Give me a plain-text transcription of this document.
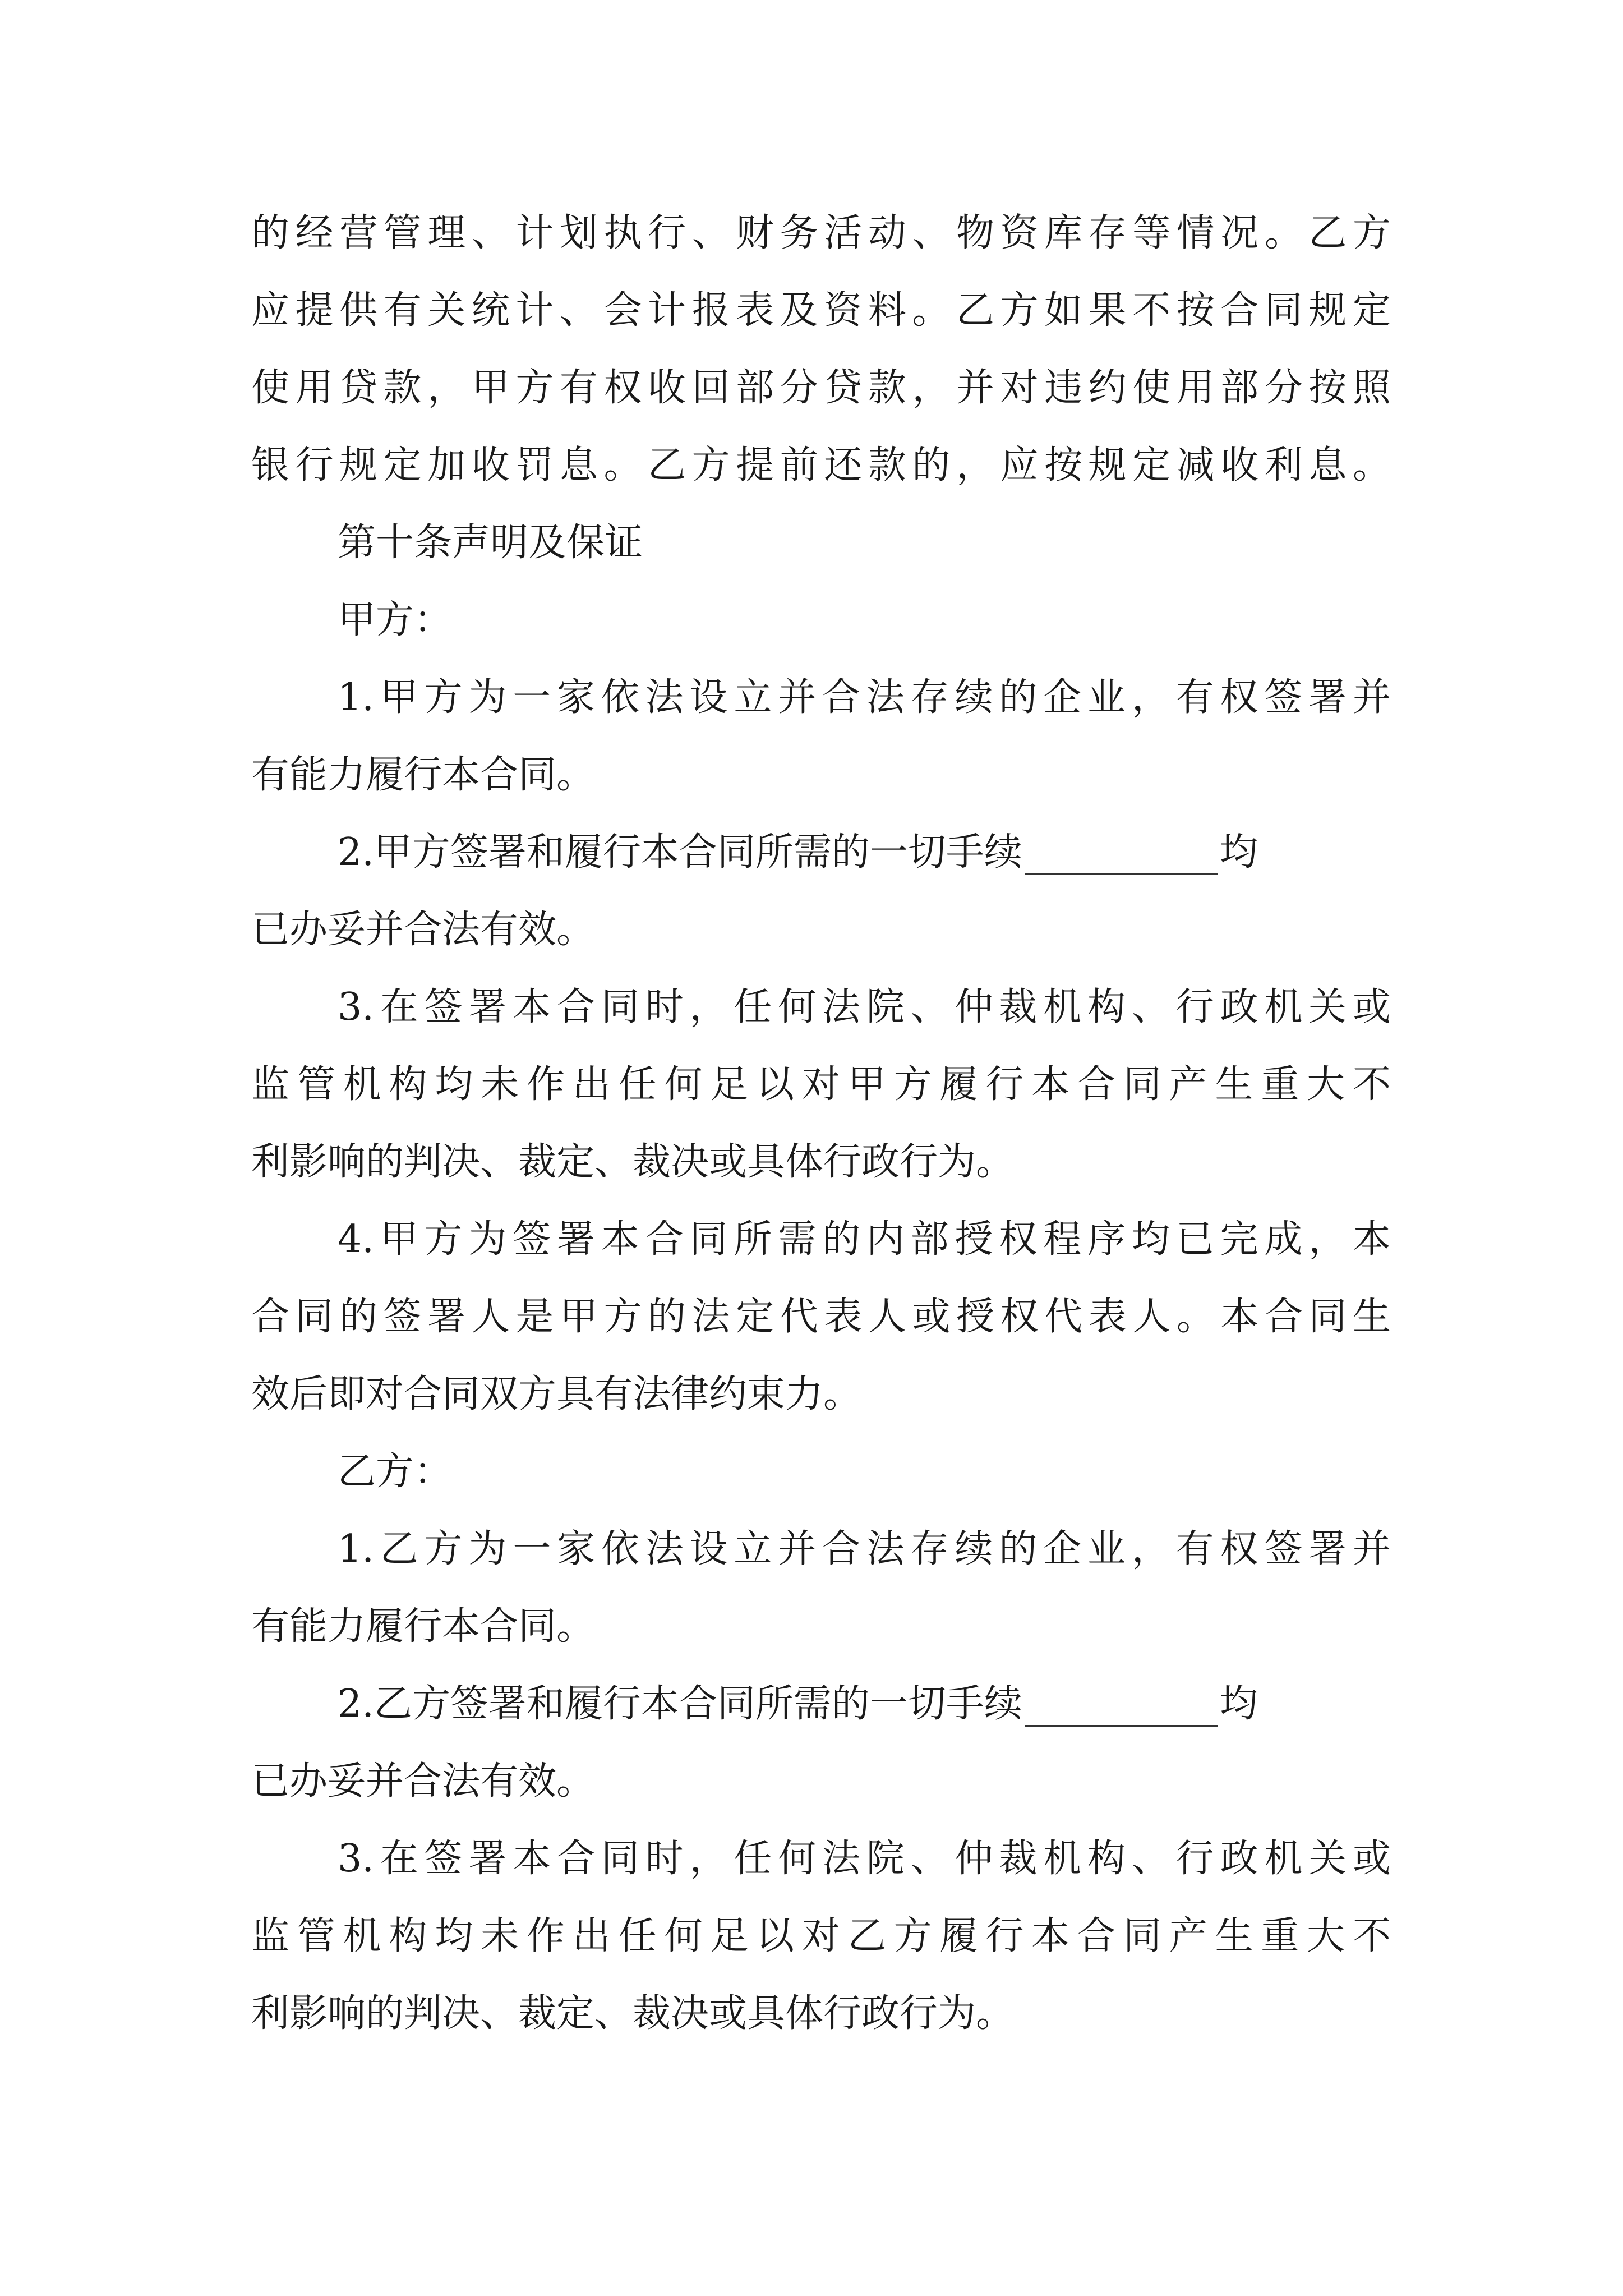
的经营管理、计划执行、财务活动、物资库存等情况。乙方
应提供有关统计、会计报表及资料。乙方如果不按合同规定
使用贷款，甲方有权收回部分贷款，并对违约使用部分按照
银行规定加收罚息。乙方提前还款的，应按规定减收利息。
第十条声明及保证
甲方：
1.甲方为一家依法设立并合法存续的企业，有权签署并
有能力履行本合同。
2.甲方签署和履行本合同所需的一切手续	均
已办妥并合法有效。
3.在签署本合同时，任何法院、仲裁机构、行政机关或
监管机构均未作出任何足以对甲方履行本合同产生重大不
利影响的判决、裁定、裁决或具体行政行为。
4.甲方为签署本合同所需的内部授权程序均已完成，本
合同的签署人是甲方的法定代表人或授权代表人。本合同生
效后即对合同双方具有法律约束力。
乙方：
1.乙方为一家依法设立并合法存续的企业，有权签署并
有能力履行本合同。
2.乙方签署和履行本合同所需的一切手续	均
已办妥并合法有效。
3.在签署本合同时，任何法院、仲裁机构、行政机关或
监管机构均未作出任何足以对乙方履行本合同产生重大不
利影响的判决、裁定、裁决或具体行政行为。
